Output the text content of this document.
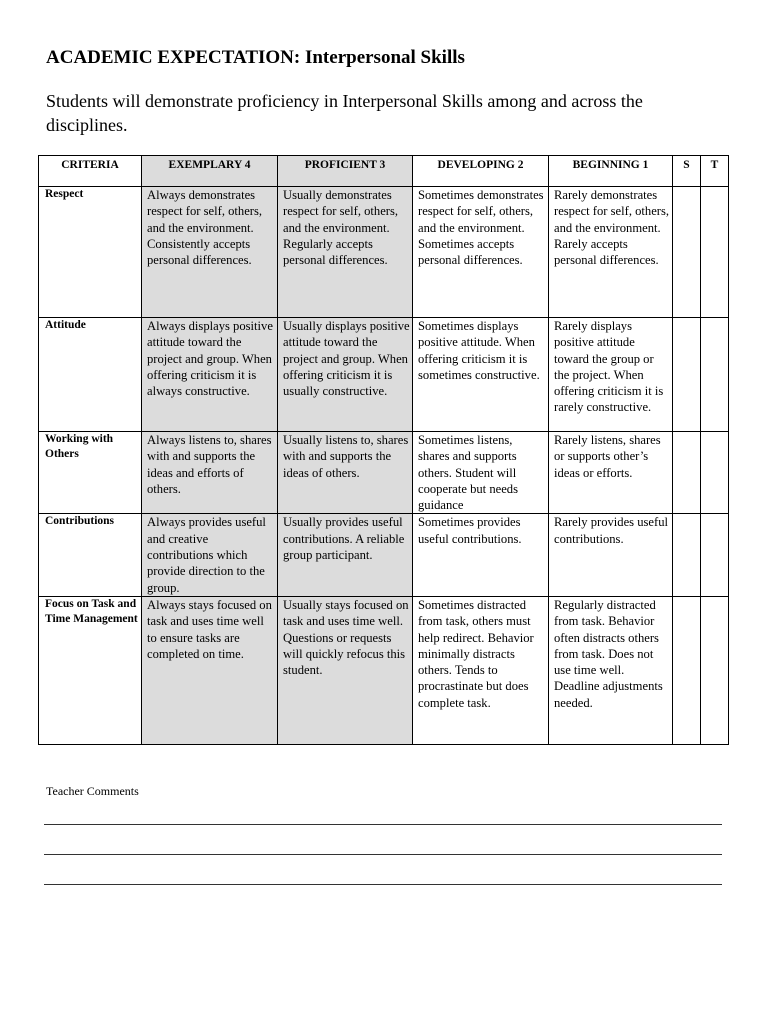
ACADEMIC EXPECTATION: Interpersonal Skills
Students will demonstrate proficiency in Interpersonal Skills among and across the disciplines.
CRITERIA	EXEMPLARY 4	PROFICIENT 3	DEVELOPING 2	BEGINNING 1	S	T
Respect	Always demonstrates respect for self, others, and the environment. Consistently accepts personal differences.	Usually demonstrates respect for self, others, and the environment. Regularly accepts personal differences.	Sometimes demonstrates respect for self, others, and the environment. Sometimes accepts personal differences.	Rarely demonstrates respect for self, others, and the environment. Rarely accepts personal differences.		
Attitude	Always displays positive attitude toward the project and group. When offering criticism it is always constructive.	Usually displays positive attitude toward the project and group. When offering criticism it is usually constructive.	Sometimes displays positive attitude. When offering criticism it is sometimes constructive.	Rarely displays positive attitude toward the group or the project. When offering criticism it is rarely constructive.		
Working with Others	Always listens to, shares with and supports the ideas and efforts of others.	Usually listens to, shares with and supports the ideas of others.	Sometimes listens, shares and supports others. Student will cooperate but needs guidance	Rarely listens, shares or supports other’s ideas or efforts.		
Contributions	Always provides useful and creative contributions which provide direction to the group.	Usually provides useful contributions. A reliable group participant.	Sometimes provides useful contributions.	Rarely provides useful contributions.		
Focus on Task and Time Management	Always stays focused on task and uses time well to ensure tasks are completed on time.	Usually stays focused on task and uses time well. Questions or requests will quickly refocus this student.	Sometimes distracted from task, others must help redirect. Behavior minimally distracts others. Tends to procrastinate but does complete task.	Regularly distracted from task. Behavior often distracts others from task. Does not use time well. Deadline adjustments needed.		
Teacher Comments
